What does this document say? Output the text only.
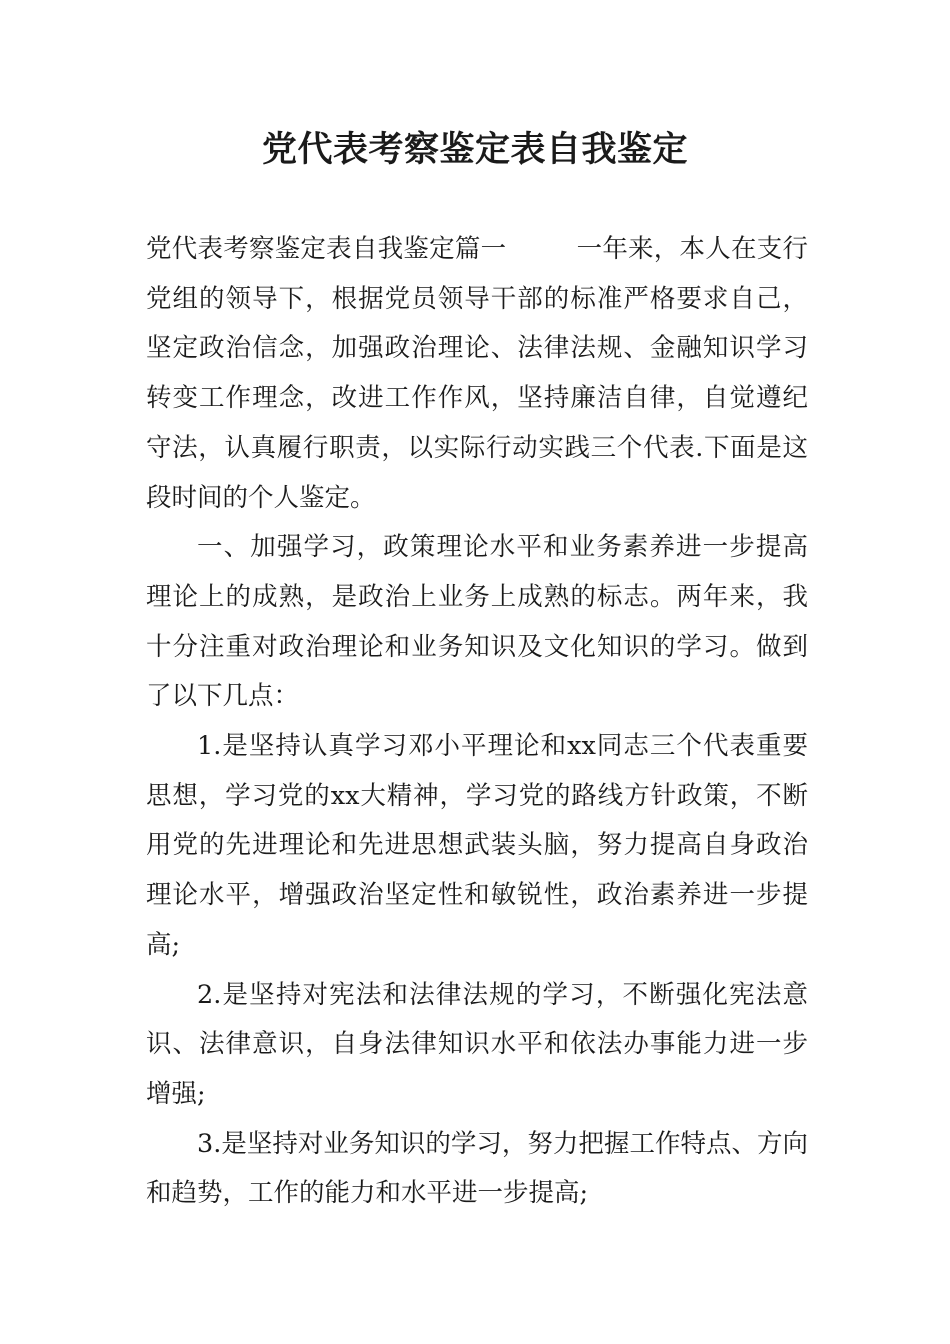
党代表考察鉴定表自我鉴定

党代表考察鉴定表自我鉴定篇一	一年来，本人在支行党组的领导下，根据党员领导干部的标准严格要求自己，坚定政治信念，加强政治理论、法律法规、金融知识学习转变工作理念，改进工作作风，坚持廉洁自律，自觉遵纪守法，认真履行职责，以实际行动实践三个代表.下面是这段时间的个人鉴定。

一、加强学习，政策理论水平和业务素养进一步提高理论上的成熟，是政治上业务上成熟的标志。两年来，我十分注重对政治理论和业务知识及文化知识的学习。做到了以下几点：

1.是坚持认真学习邓小平理论和xx同志三个代表重要思想，学习党的xx大精神，学习党的路线方针政策，不断用党的先进理论和先进思想武装头脑，努力提高自身政治理论水平，增强政治坚定性和敏锐性，政治素养进一步提高;

2.是坚持对宪法和法律法规的学习，不断强化宪法意识、法律意识，自身法律知识水平和依法办事能力进一步增强;

3.是坚持对业务知识的学习，努力把握工作特点、方向和趋势，工作的能力和水平进一步提高;
